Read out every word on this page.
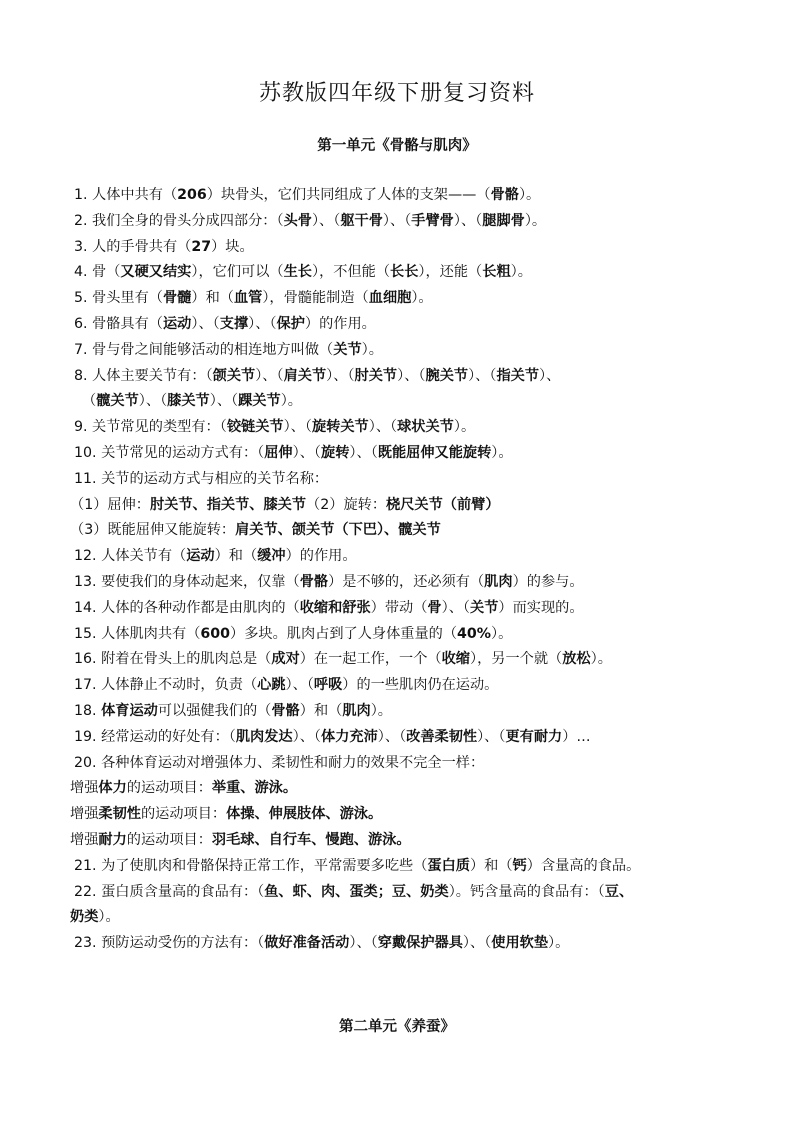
苏教版四年级下册复习资料
第一单元《骨骼与肌肉》
1. 人体中共有（206）块骨头，它们共同组成了人体的支架——（骨骼）。
2. 我们全身的骨头分成四部分：（头骨）、（躯干骨）、（手臂骨）、（腿脚骨）。
3. 人的手骨共有（27）块。
4. 骨（又硬又结实），它们可以（生长），不但能（长长），还能（长粗）。
5. 骨头里有（骨髓）和（血管），骨髓能制造（血细胞）。
6. 骨骼具有（运动）、（支撑）、（保护）的作用。
7. 骨与骨之间能够活动的相连地方叫做（关节）。
8. 人体主要关节有：（颌关节）、（肩关节）、（肘关节）、（腕关节）、（指关节）、
（髋关节）、（膝关节）、（踝关节）。
9. 关节常见的类型有：（铰链关节）、（旋转关节）、（球状关节）。
10. 关节常见的运动方式有：（屈伸）、（旋转）、（既能屈伸又能旋转）。
11. 关节的运动方式与相应的关节名称：
（1）屈伸：肘关节、指关节、膝关节（2）旋转：桡尺关节（前臂）
（3）既能屈伸又能旋转：肩关节、颌关节（下巴）、髋关节
12. 人体关节有（运动）和（缓冲）的作用。
13. 要使我们的身体动起来，仅靠（骨骼）是不够的，还必须有（肌肉）的参与。
14. 人体的各种动作都是由肌肉的（收缩和舒张）带动（骨）、（关节）而实现的。
15. 人体肌肉共有（600）多块。肌肉占到了人身体重量的（40%）。
16. 附着在骨头上的肌肉总是（成对）在一起工作，一个（收缩），另一个就（放松）。
17. 人体静止不动时，负责（心跳）、（呼吸）的一些肌肉仍在运动。
18. 体育运动可以强健我们的（骨骼）和（肌肉）。
19. 经常运动的好处有：（肌肉发达）、（体力充沛）、（改善柔韧性）、（更有耐力）…
20. 各种体育运动对增强体力、柔韧性和耐力的效果不完全一样：
增强体力的运动项目：举重、游泳。
增强柔韧性的运动项目：体操、伸展肢体、游泳。
增强耐力的运动项目：羽毛球、自行车、慢跑、游泳。
21. 为了使肌肉和骨骼保持正常工作，平常需要多吃些（蛋白质）和（钙）含量高的食品。
22. 蛋白质含量高的食品有：（鱼、虾、肉、蛋类；豆、奶类）。钙含量高的食品有：（豆、
奶类）。
23. 预防运动受伤的方法有：（做好准备活动）、（穿戴保护器具）、（使用软垫）。
第二单元《养蚕》
